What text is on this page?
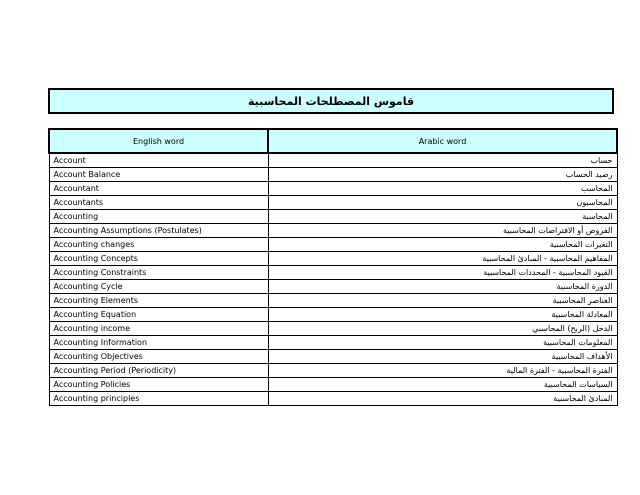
قاموس المصطلحات المحاسبية
English word	Arabic word
Account	حساب
Account Balance	رصيد الحساب
Accountant	المحاسب
Accountants	المحاسبون
Accounting	المحاسبة
Accounting Assumptions (Postulates)	الفروض أو الافتراضات المحاسبية
Accounting changes	التغيرات المحاسبية
Accounting Concepts	المفاهيم المحاسبية - المبادئ المحاسبية
Accounting Constraints	القيود المحاسبية - المحددات المحاسبية
Accounting Cycle	الدورة المحاسبية
Accounting Elements	العناصر المحاسبية
Accounting Equation	المعادلة المحاسبية
Accounting income	الدخل (الربح) المحاسبي
Accounting Information	المعلومات المحاسبية
Accounting Objectives	الأهداف المحاسبية
Accounting Period (Periodicity)	الفترة المحاسبية - الفترة المالية
Accounting Policies	السياسات المحاسبية
Accounting principles	المبادئ المحاسبية
